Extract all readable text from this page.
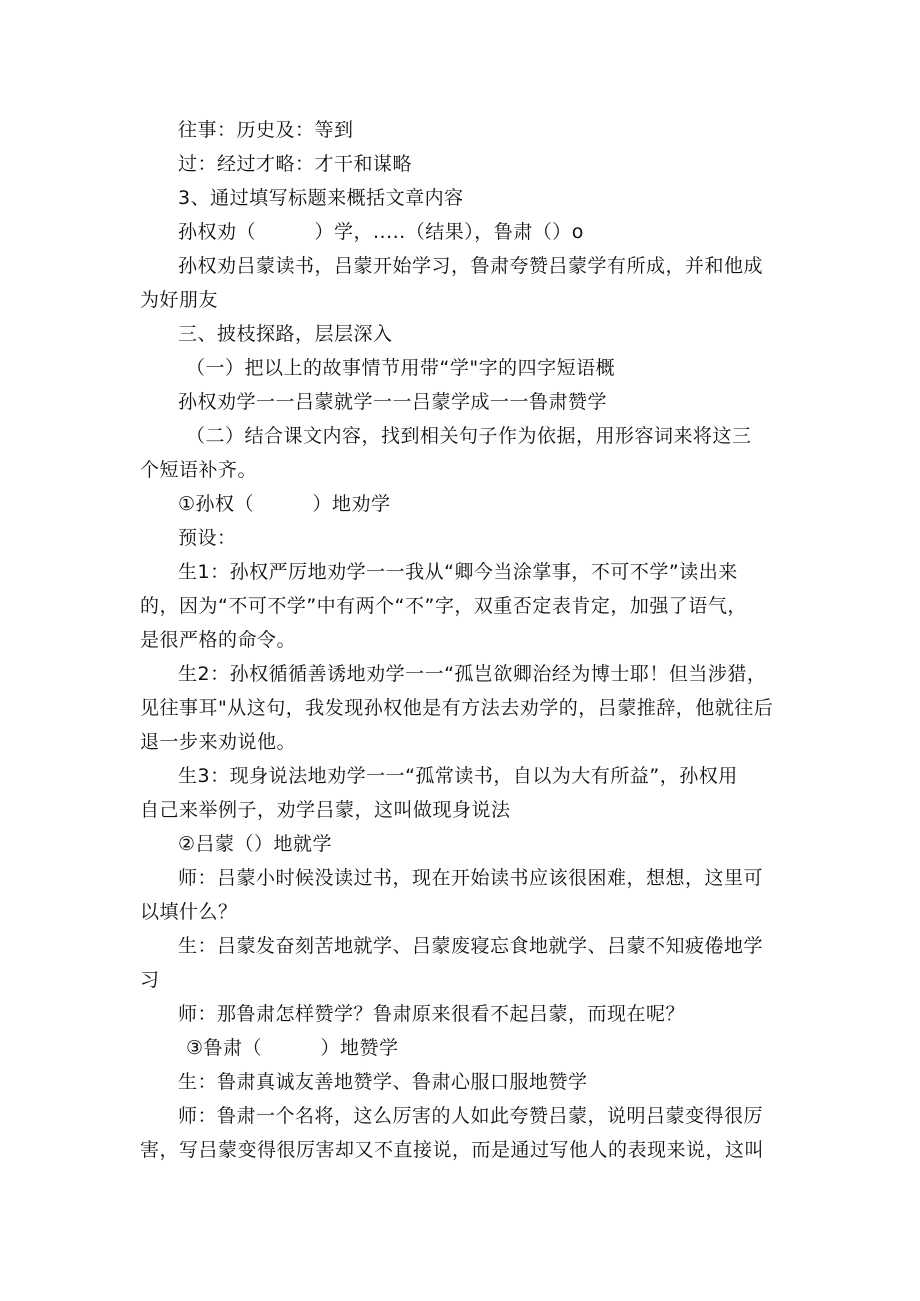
往事：历史及：等到
过：经过才略：才干和谋略
3、通过填写标题来概括文章内容
孙权劝（　　　）学，.....（结果），鲁肃（）o
孙权劝吕蒙读书，吕蒙开始学习，鲁肃夸赞吕蒙学有所成，并和他成
为好朋友
三、披枝探路，层层深入
（一）把以上的故事情节用带“学"字的四字短语概
孙权劝学一一吕蒙就学一一吕蒙学成一一鲁肃赞学
（二）结合课文内容，找到相关句子作为依据，用形容词来将这三
个短语补齐。
①孙权（　　　）地劝学
预设：
生1：孙权严厉地劝学一一我从“卿今当涂掌事，不可不学”读出来
的，因为“不可不学”中有两个“不”字，双重否定表肯定，加强了语气，
是很严格的命令。
生2：孙权循循善诱地劝学一一“孤岂欲卿治经为博士耶！但当涉猎，
见往事耳"从这句，我发现孙权他是有方法去劝学的，吕蒙推辞，他就往后
退一步来劝说他。
生3：现身说法地劝学一一“孤常读书，自以为大有所益”，孙权用
自己来举例子，劝学吕蒙，这叫做现身说法
②吕蒙（）地就学
师：吕蒙小时候没读过书，现在开始读书应该很困难，想想，这里可
以填什么？
生：吕蒙发奋刻苦地就学、吕蒙废寝忘食地就学、吕蒙不知疲倦地学
习
师：那鲁肃怎样赞学？鲁肃原来很看不起吕蒙，而现在呢？
③鲁肃（　　　）地赞学
生：鲁肃真诚友善地赞学、鲁肃心服口服地赞学
师：鲁肃一个名将，这么厉害的人如此夸赞吕蒙，说明吕蒙变得很厉
害，写吕蒙变得很厉害却又不直接说，而是通过写他人的表现来说，这叫
